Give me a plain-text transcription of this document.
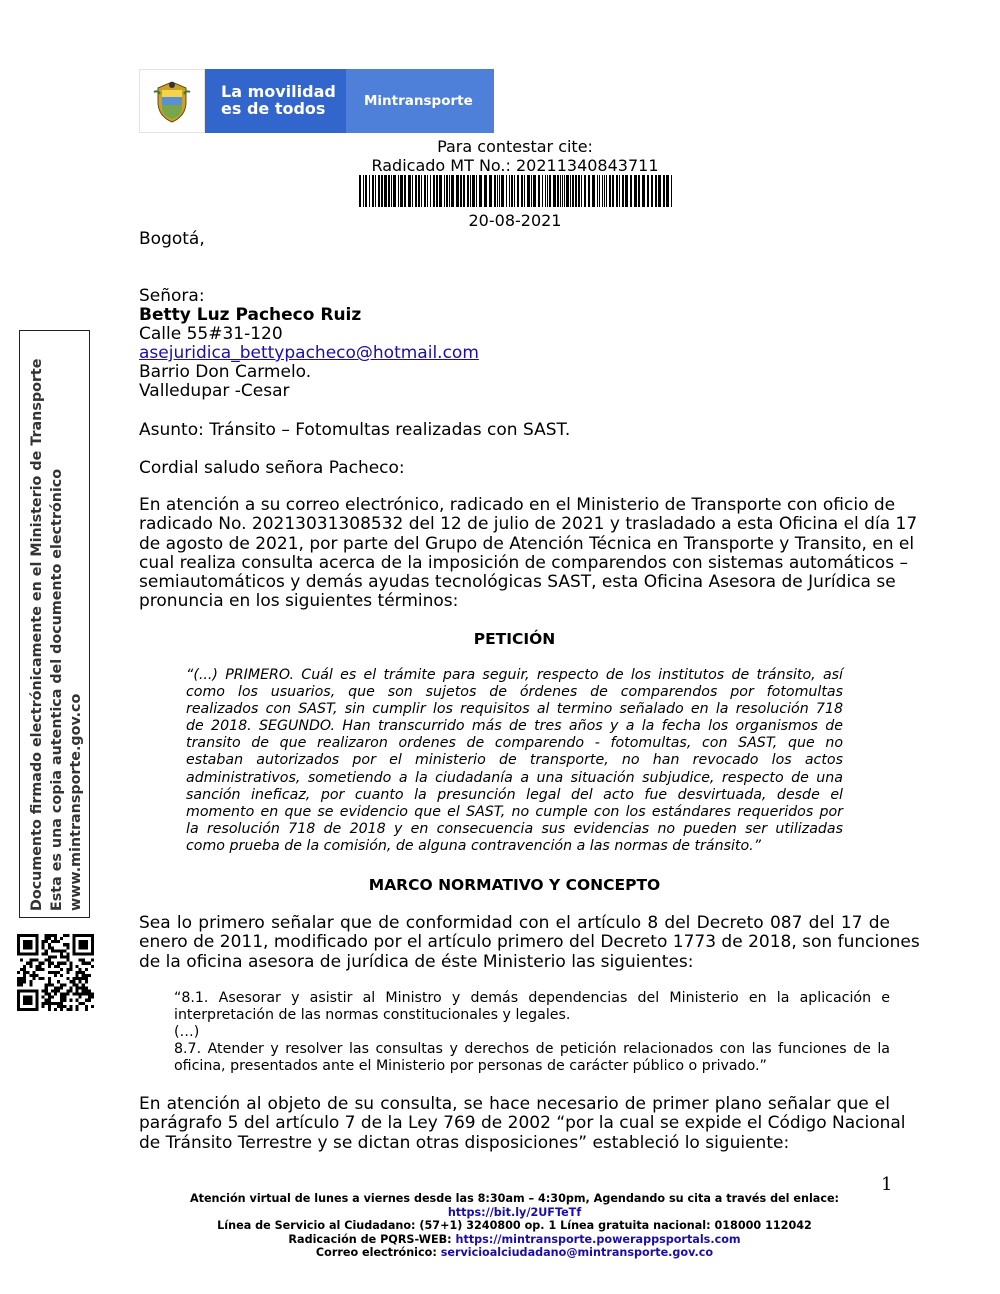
La movilidad
es de todos	Mintransporte
Para contestar cite:
Radicado MT No.: 20211340843711
20-08-2021
Bogotá,
Señora:
Betty Luz Pacheco Ruiz
Calle 55#31-120
asejuridica_bettypacheco@hotmail.com
Barrio Don Carmelo.
Valledupar -Cesar
Asunto: Tránsito – Fotomultas realizadas con SAST.
Cordial saludo señora Pacheco:
En atención a su correo electrónico, radicado en el Ministerio de Transporte con oficio de
radicado No. 20213031308532 del 12 de julio de 2021 y trasladado a esta Oficina el día 17
de agosto de 2021, por parte del Grupo de Atención Técnica en Transporte y Transito, en el
cual realiza consulta acerca de la imposición de comparendos con sistemas automáticos –
semiautomáticos y demás ayudas tecnológicas SAST, esta Oficina Asesora de Jurídica se
pronuncia en los siguientes términos:
PETICIÓN
“(...) PRIMERO. Cuál es el trámite para seguir, respecto de los institutos de tránsito, así
como los usuarios, que son sujetos de órdenes de comparendos por fotomultas
realizados con SAST, sin cumplir los requisitos al termino señalado en la resolución 718
de 2018. SEGUNDO. Han transcurrido más de tres años y a la fecha los organismos de
transito de que realizaron ordenes de comparendo - fotomultas, con SAST, que no
estaban autorizados por el ministerio de transporte, no han revocado los actos
administrativos, sometiendo a la ciudadanía a una situación subjudice, respecto de una
sanción ineficaz, por cuanto la presunción legal del acto fue desvirtuada, desde el
momento en que se evidencio que el SAST, no cumple con los estándares requeridos por
la resolución 718 de 2018 y en consecuencia sus evidencias no pueden ser utilizadas
como prueba de la comisión, de alguna contravención a las normas de tránsito.”
MARCO NORMATIVO Y CONCEPTO
Sea lo primero señalar que de conformidad con el artículo 8 del Decreto 087 del 17 de
enero de 2011, modificado por el artículo primero del Decreto 1773 de 2018, son funciones
de la oficina asesora de jurídica de éste Ministerio las siguientes:
“8.1. Asesorar y asistir al Ministro y demás dependencias del Ministerio en la aplicación e
interpretación de las normas constitucionales y legales.
(…)
8.7. Atender y resolver las consultas y derechos de petición relacionados con las funciones de la
oficina, presentados ante el Ministerio por personas de carácter público o privado.”
En atención al objeto de su consulta, se hace necesario de primer plano señalar que el
parágrafo 5 del artículo 7 de la Ley 769 de 2002 “por la cual se expide el Código Nacional
de Tránsito Terrestre y se dictan otras disposiciones” estableció lo siguiente:
Documento firmado electrónicamente en el Ministerio de Transporte Esta es una copia autentica del documento electrónico www.mintransporte.gov.co
1
Atención virtual de lunes a viernes desde las 8:30am – 4:30pm, Agendando su cita a través del enlace:
https://bit.ly/2UFTeTf
Línea de Servicio al Ciudadano: (57+1) 3240800 op. 1 Línea gratuita nacional: 018000 112042
Radicación de PQRS-WEB: https://mintransporte.powerappsportals.com
Correo electrónico: servicioalciudadano@mintransporte.gov.co
